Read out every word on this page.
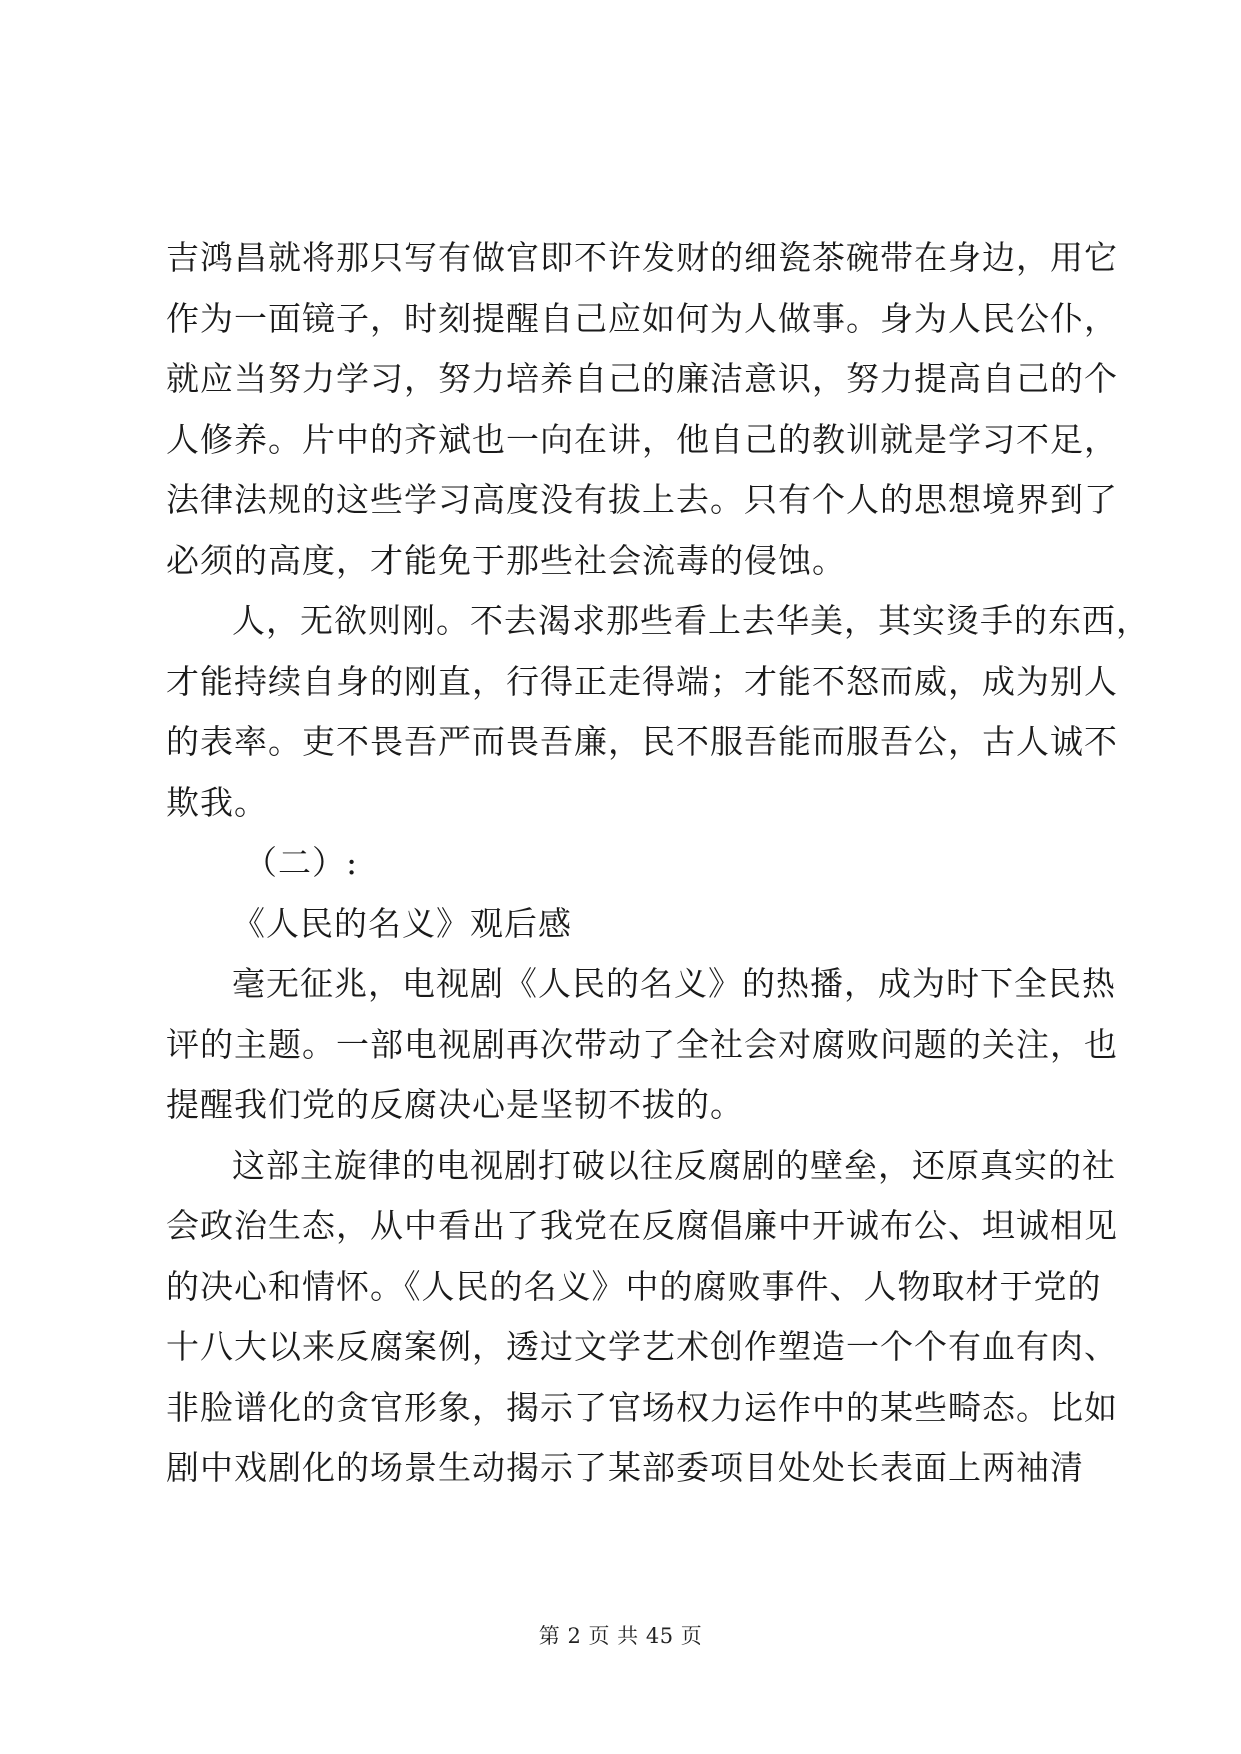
吉鸿昌就将那只写有做官即不许发财的细瓷茶碗带在身边，用它
作为一面镜子，时刻提醒自己应如何为人做事。身为人民公仆，
就应当努力学习，努力培养自己的廉洁意识，努力提高自己的个
人修养。片中的齐斌也一向在讲，他自己的教训就是学习不足，
法律法规的这些学习高度没有拔上去。只有个人的思想境界到了
必须的高度，才能免于那些社会流毒的侵蚀。
人，无欲则刚。不去渴求那些看上去华美，其实烫手的东西，
才能持续自身的刚直，行得正走得端；才能不怒而威，成为别人
的表率。吏不畏吾严而畏吾廉，民不服吾能而服吾公，古人诚不
欺我。
（二）:
《人民的名义》观后感
毫无征兆，电视剧《人民的名义》的热播，成为时下全民热
评的主题。一部电视剧再次带动了全社会对腐败问题的关注，也
提醒我们党的反腐决心是坚韧不拔的。
这部主旋律的电视剧打破以往反腐剧的壁垒，还原真实的社
会政治生态，从中看出了我党在反腐倡廉中开诚布公、坦诚相见
的决心和情怀。《人民的名义》中的腐败事件、人物取材于党的
十八大以来反腐案例，透过文学艺术创作塑造一个个有血有肉、
非脸谱化的贪官形象，揭示了官场权力运作中的某些畸态。比如
剧中戏剧化的场景生动揭示了某部委项目处处长表面上两袖清
第 2 页 共 45 页
